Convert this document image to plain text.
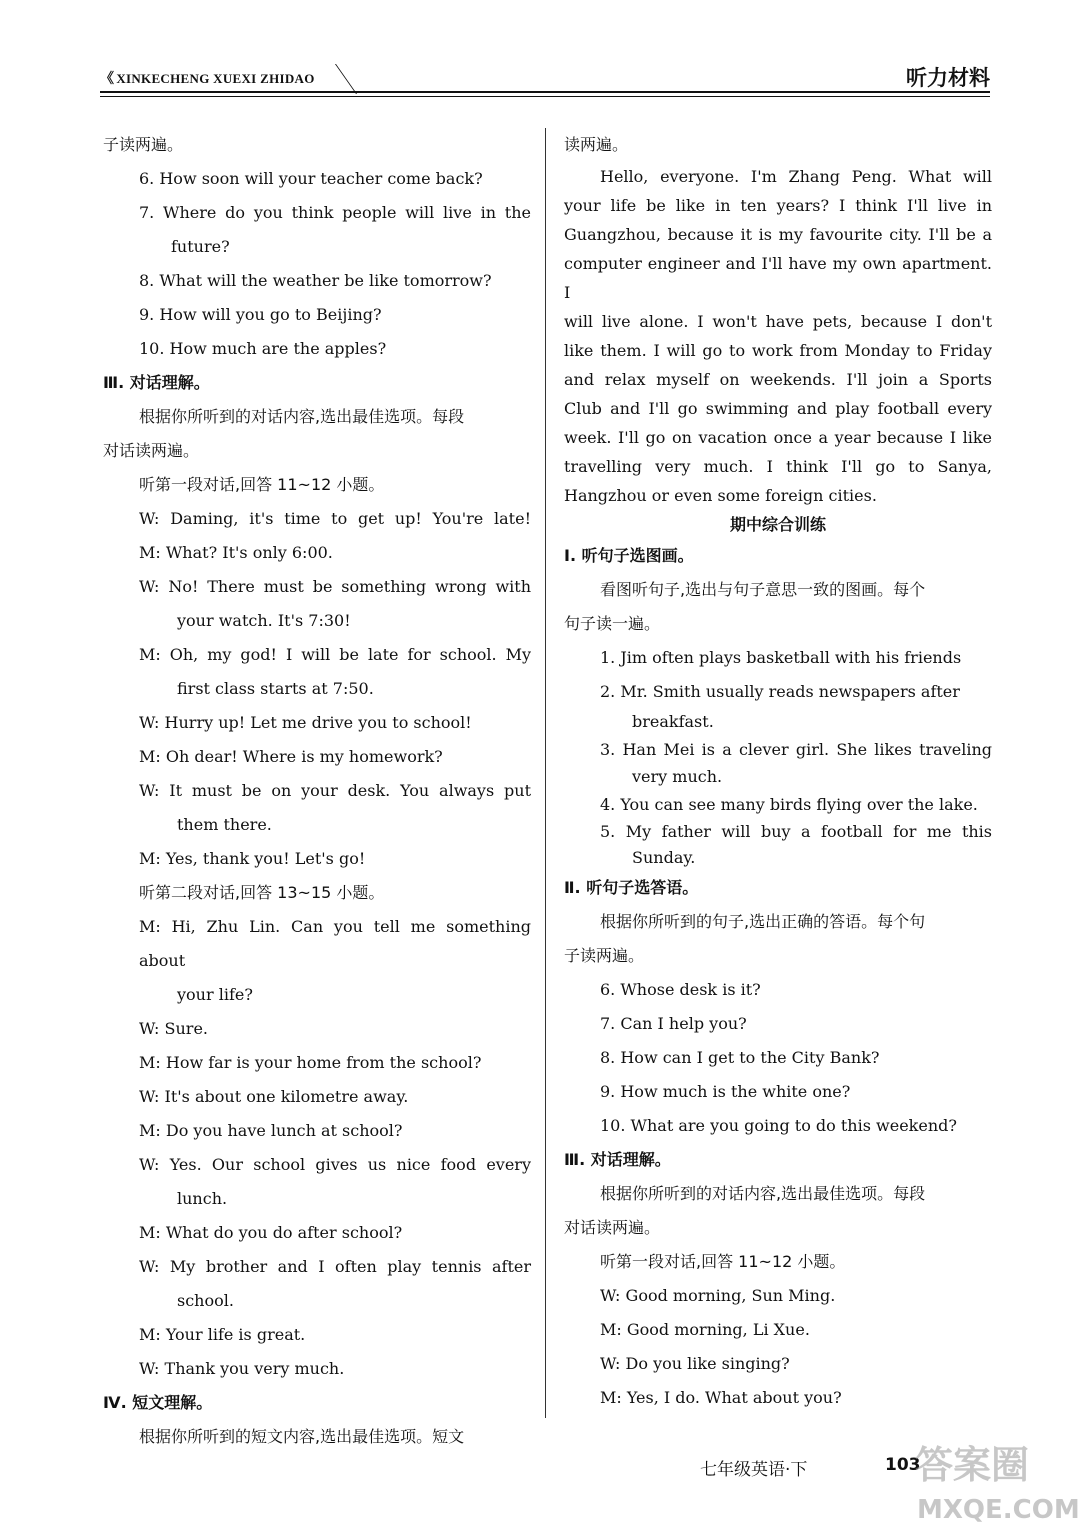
《 XINKECHENG XUEXI ZHIDAO	听力材料
子读两遍。
6. How soon will your teacher come back?
7. Where do you think people will live in the
future?
8. What will the weather be like tomorrow?
9. How will you go to Beijing?
10. How much are the apples?
Ⅲ. 对话理解。
根据你所听到的对话内容,选出最佳选项。每段
对话读两遍。
听第一段对话,回答 11~12 小题。
W: Daming, it's time to get up! You're late!
M: What? It's only 6:00.
W: No! There must be something wrong with
your watch. It's 7:30!
M: Oh, my god! I will be late for school. My
first class starts at 7:50.
W: Hurry up! Let me drive you to school!
M: Oh dear! Where is my homework?
W: It must be on your desk. You always put
them there.
M: Yes, thank you! Let's go!
听第二段对话,回答 13~15 小题。
M: Hi, Zhu Lin. Can you tell me something about
your life?
W: Sure.
M: How far is your home from the school?
W: It's about one kilometre away.
M: Do you have lunch at school?
W: Yes. Our school gives us nice food every
lunch.
M: What do you do after school?
W: My brother and I often play tennis after
school.
M: Your life is great.
W: Thank you very much.
Ⅳ. 短文理解。
根据你所听到的短文内容,选出最佳选项。短文
读两遍。
Hello, everyone. I'm Zhang Peng. What will
your life be like in ten years? I think I'll live in
Guangzhou, because it is my favourite city. I'll be a
computer engineer and I'll have my own apartment. I
will live alone. I won't have pets, because I don't
like them. I will go to work from Monday to Friday
and relax myself on weekends. I'll join a Sports
Club and I'll go swimming and play football every
week. I'll go on vacation once a year because I like
travelling very much. I think I'll go to Sanya,
Hangzhou or even some foreign cities.
期中综合训练
Ⅰ. 听句子选图画。
看图听句子,选出与句子意思一致的图画。每个
句子读一遍。
1. Jim often plays basketball with his friends
2. Mr. Smith usually reads newspapers after
breakfast.
3. Han Mei is a clever girl. She likes traveling
very much.
4. You can see many birds flying over the lake.
5. My father will buy a football for me this
Sunday.
Ⅱ. 听句子选答语。
根据你所听到的句子,选出正确的答语。每个句
子读两遍。
6. Whose desk is it?
7. Can I help you?
8. How can I get to the City Bank?
9. How much is the white one?
10. What are you going to do this weekend?
Ⅲ. 对话理解。
根据你所听到的对话内容,选出最佳选项。每段
对话读两遍。
听第一段对话,回答 11~12 小题。
W: Good morning, Sun Ming.
M: Good morning, Li Xue.
W: Do you like singing?
M: Yes, I do. What about you?
七年级英语·下	103
答案圈
MXQE.COM
